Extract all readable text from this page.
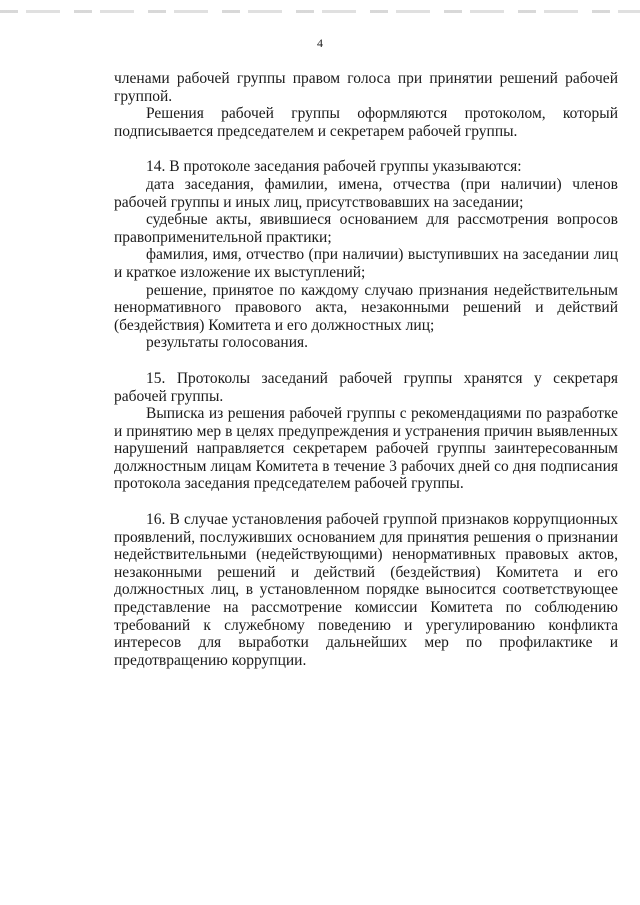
4

членами рабочей группы правом голоса при принятии решений рабочей группой.

Решения рабочей группы оформляются протоколом, который подписывается председателем и секретарем рабочей группы.

14. В протоколе заседания рабочей группы указываются:

дата заседания, фамилии, имена, отчества (при наличии) членов рабочей группы и иных лиц, присутствовавших на заседании;

судебные акты, явившиеся основанием для рассмотрения вопросов правоприменительной практики;

фамилия, имя, отчество (при наличии) выступивших на заседании лиц и краткое изложение их выступлений;

решение, принятое по каждому случаю признания недействительным ненормативного правового акта, незаконными решений и действий (бездействия) Комитета и его должностных лиц;

результаты голосования.

15. Протоколы заседаний рабочей группы хранятся у секретаря рабочей группы.

Выписка из решения рабочей группы с рекомендациями по разработке и принятию мер в целях предупреждения и устранения причин выявленных нарушений направляется секретарем рабочей группы заинтересованным должностным лицам Комитета в течение 3 рабочих дней со дня подписания протокола заседания председателем рабочей группы.

16. В случае установления рабочей группой признаков коррупционных проявлений, послуживших основанием для принятия решения о признании недействительными (недействующими) ненормативных правовых актов, незаконными решений и действий (бездействия) Комитета и его должностных лиц, в установленном порядке выносится соответствующее представление на рассмотрение комиссии Комитета по соблюдению требований к служебному поведению и урегулированию конфликта интересов для выработки дальнейших мер по профилактике и предотвращению коррупции.
